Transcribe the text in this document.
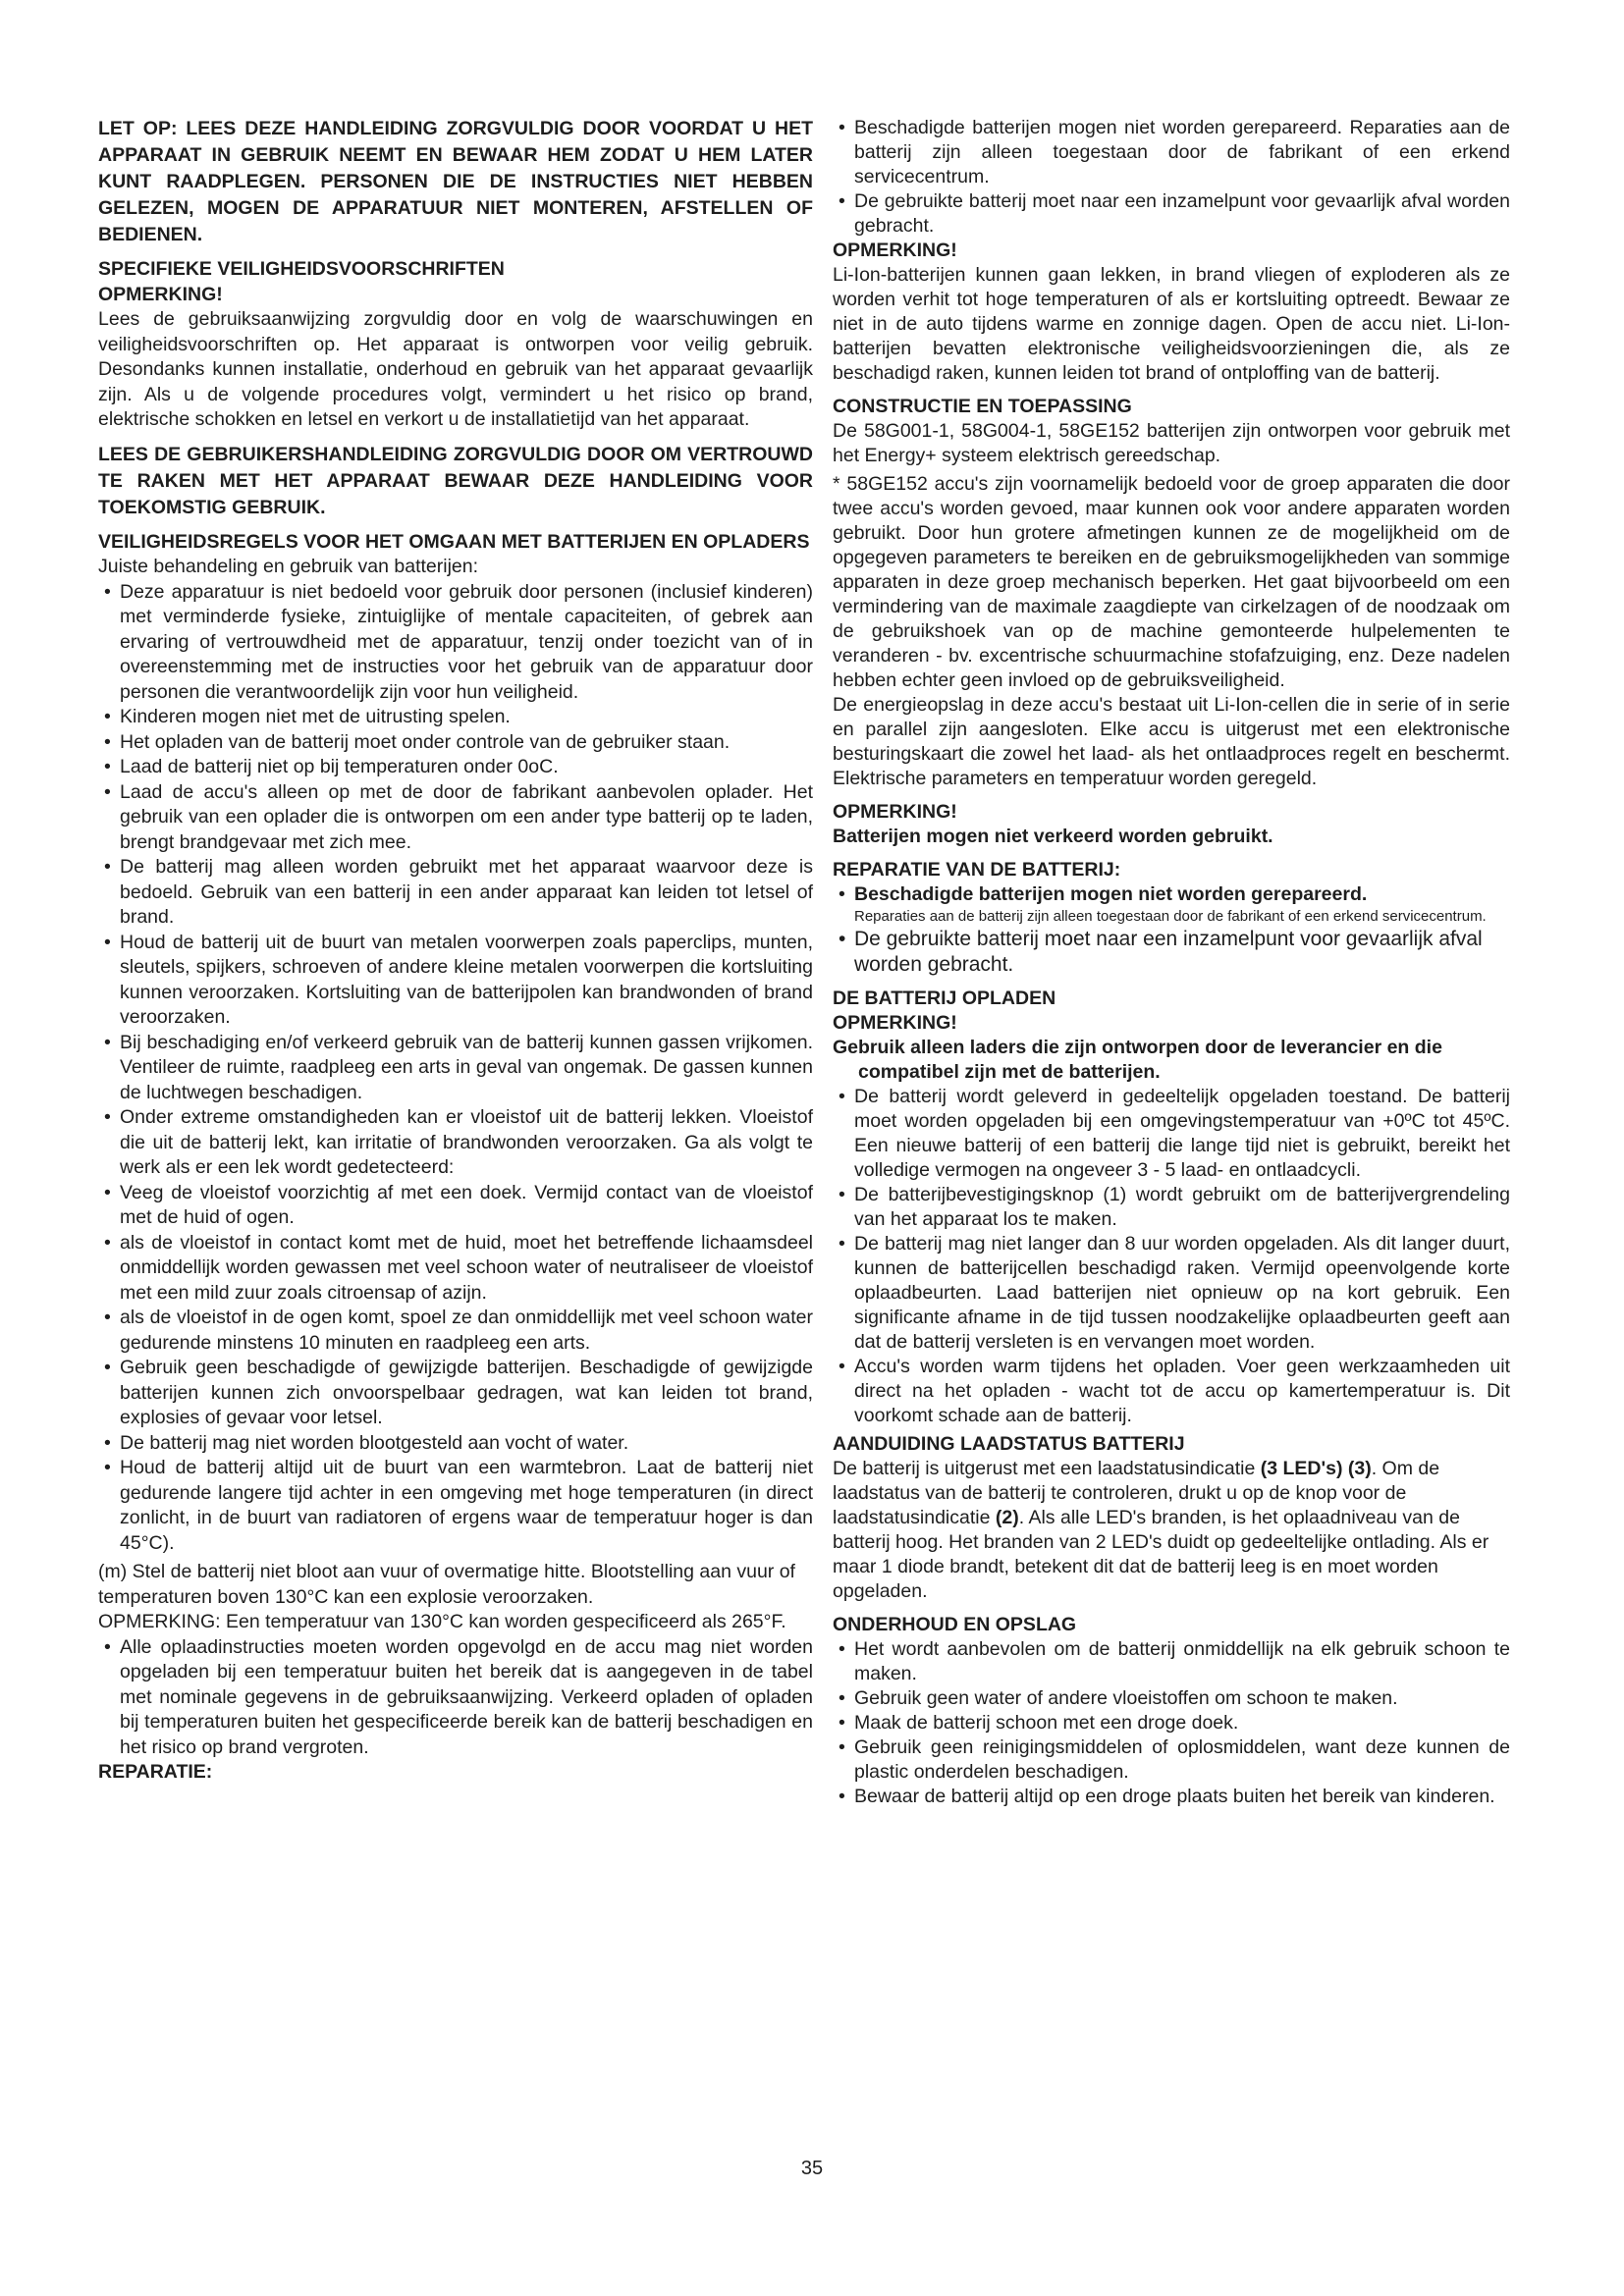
LET OP: LEES DEZE HANDLEIDING ZORGVULDIG DOOR VOORDAT U HET APPARAAT IN GEBRUIK NEEMT EN BEWAAR HEM ZODAT U HEM LATER KUNT RAADPLEGEN. PERSONEN DIE DE INSTRUCTIES NIET HEBBEN GELEZEN, MOGEN DE APPARATUUR NIET MONTEREN, AFSTELLEN OF BEDIENEN.
SPECIFIEKE VEILIGHEIDSVOORSCHRIFTEN

OPMERKING!

Lees de gebruiksaanwijzing zorgvuldig door en volg de waarschuwingen en veiligheidsvoorschriften op. Het apparaat is ontworpen voor veilig gebruik. Desondanks kunnen installatie, onderhoud en gebruik van het apparaat gevaarlijk zijn. Als u de volgende procedures volgt, vermindert u het risico op brand, elektrische schokken en letsel en verkort u de installatietijd van het apparaat.

LEES DE GEBRUIKERSHANDLEIDING ZORGVULDIG DOOR OM VERTROUWD TE RAKEN MET HET APPARAAT BEWAAR DEZE HANDLEIDING VOOR TOEKOMSTIG GEBRUIK.
VEILIGHEIDSREGELS VOOR HET OMGAAN MET BATTERIJEN EN OPLADERS

Juiste behandeling en gebruik van batterijen:

• Deze apparatuur is niet bedoeld voor gebruik door personen (inclusief kinderen) met verminderde fysieke, zintuiglijke of mentale capaciteiten, of gebrek aan ervaring of vertrouwdheid met de apparatuur, tenzij onder toezicht van of in overeenstemming met de instructies voor het gebruik van de apparatuur door personen die verantwoordelijk zijn voor hun veiligheid.
• Kinderen mogen niet met de uitrusting spelen.
• Het opladen van de batterij moet onder controle van de gebruiker staan.
• Laad de batterij niet op bij temperaturen onder 0oC.
• Laad de accu's alleen op met de door de fabrikant aanbevolen oplader. Het gebruik van een oplader die is ontworpen om een ander type batterij op te laden, brengt brandgevaar met zich mee.
• De batterij mag alleen worden gebruikt met het apparaat waarvoor deze is bedoeld. Gebruik van een batterij in een ander apparaat kan leiden tot letsel of brand.
• Houd de batterij uit de buurt van metalen voorwerpen zoals paperclips, munten, sleutels, spijkers, schroeven of andere kleine metalen voorwerpen die kortsluiting kunnen veroorzaken. Kortsluiting van de batterijpolen kan brandwonden of brand veroorzaken.
• Bij beschadiging en/of verkeerd gebruik van de batterij kunnen gassen vrijkomen. Ventileer de ruimte, raadpleeg een arts in geval van ongemak. De gassen kunnen de luchtwegen beschadigen.
• Onder extreme omstandigheden kan er vloeistof uit de batterij lekken. Vloeistof die uit de batterij lekt, kan irritatie of brandwonden veroorzaken. Ga als volgt te werk als er een lek wordt gedetecteerd:
• Veeg de vloeistof voorzichtig af met een doek. Vermijd contact van de vloeistof met de huid of ogen.
• als de vloeistof in contact komt met de huid, moet het betreffende lichaamsdeel onmiddellijk worden gewassen met veel schoon water of neutraliseer de vloeistof met een mild zuur zoals citroensap of azijn.
• als de vloeistof in de ogen komt, spoel ze dan onmiddellijk met veel schoon water gedurende minstens 10 minuten en raadpleeg een arts.
• Gebruik geen beschadigde of gewijzigde batterijen. Beschadigde of gewijzigde batterijen kunnen zich onvoorspelbaar gedragen, wat kan leiden tot brand, explosies of gevaar voor letsel.
• De batterij mag niet worden blootgesteld aan vocht of water.
• Houd de batterij altijd uit de buurt van een warmtebron. Laat de batterij niet gedurende langere tijd achter in een omgeving met hoge temperaturen (in direct zonlicht, in de buurt van radiatoren of ergens waar de temperatuur hoger is dan 45°C).

(m) Stel de batterij niet bloot aan vuur of overmatige hitte. Blootstelling aan vuur of temperaturen boven 130°C kan een explosie veroorzaken.

OPMERKING: Een temperatuur van 130°C kan worden gespecificeerd als 265°F.

• Alle oplaadinstructies moeten worden opgevolgd en de accu mag niet worden opgeladen bij een temperatuur buiten het bereik dat is aangegeven in de tabel met nominale gegevens in de gebruiksaanwijzing. Verkeerd opladen of opladen bij temperaturen buiten het gespecificeerde bereik kan de batterij beschadigen en het risico op brand vergroten.

REPARATIE:

• Beschadigde batterijen mogen niet worden gerepareerd. Reparaties aan de batterij zijn alleen toegestaan door de fabrikant of een erkend servicecentrum.
• De gebruikte batterij moet naar een inzamelpunt voor gevaarlijk afval worden gebracht.

OPMERKING!

Li-Ion-batterijen kunnen gaan lekken, in brand vliegen of exploderen als ze worden verhit tot hoge temperaturen of als er kortsluiting optreedt. Bewaar ze niet in de auto tijdens warme en zonnige dagen. Open de accu niet. Li-Ion-batterijen bevatten elektronische veiligheidsvoorzieningen die, als ze beschadigd raken, kunnen leiden tot brand of ontploffing van de batterij.

CONSTRUCTIE EN TOEPASSING

De 58G001-1, 58G004-1, 58GE152 batterijen zijn ontworpen voor gebruik met het Energy+ systeem elektrisch gereedschap.

* 58GE152 accu's zijn voornamelijk bedoeld voor de groep apparaten die door twee accu's worden gevoed, maar kunnen ook voor andere apparaten worden gebruikt. Door hun grotere afmetingen kunnen ze de mogelijkheid om de opgegeven parameters te bereiken en de gebruiksmogelijkheden van sommige apparaten in deze groep mechanisch beperken. Het gaat bijvoorbeeld om een vermindering van de maximale zaagdiepte van cirkelzagen of de noodzaak om de gebruikshoek van op de machine gemonteerde hulpelementen te veranderen - bv. excentrische schuurmachine stofafzuiging, enz. Deze nadelen hebben echter geen invloed op de gebruiksveiligheid.

De energieopslag in deze accu's bestaat uit Li-Ion-cellen die in serie of in serie en parallel zijn aangesloten. Elke accu is uitgerust met een elektronische besturingskaart die zowel het laad- als het ontlaadproces regelt en beschermt. Elektrische parameters en temperatuur worden geregeld.

OPMERKING!

Batterijen mogen niet verkeerd worden gebruikt.

REPARATIE VAN DE BATTERIJ:
• Beschadigde batterijen mogen niet worden gerepareerd.
Reparaties aan de batterij zijn alleen toegestaan door de fabrikant of een erkend servicecentrum.
• De gebruikte batterij moet naar een inzamelpunt voor gevaarlijk afval worden gebracht.
DE BATTERIJ OPLADEN

OPMERKING!

Gebruik alleen laders die zijn ontworpen door de leverancier en die compatibel zijn met de batterijen.

• De batterij wordt geleverd in gedeeltelijk opgeladen toestand. De batterij moet worden opgeladen bij een omgevingstemperatuur van +0ºC tot 45ºC. Een nieuwe batterij of een batterij die lange tijd niet is gebruikt, bereikt het volledige vermogen na ongeveer 3 - 5 laad- en ontlaadcycli.
• De batterijbevestigingsknop (1) wordt gebruikt om de batterijvergrendeling van het apparaat los te maken.
• De batterij mag niet langer dan 8 uur worden opgeladen. Als dit langer duurt, kunnen de batterijcellen beschadigd raken. Vermijd opeenvolgende korte oplaadbeurten. Laad batterijen niet opnieuw op na kort gebruik. Een significante afname in de tijd tussen noodzakelijke oplaadbeurten geeft aan dat de batterij versleten is en vervangen moet worden.
• Accu's worden warm tijdens het opladen. Voer geen werkzaamheden uit direct na het opladen - wacht tot de accu op kamertemperatuur is. Dit voorkomt schade aan de batterij.
AANDUIDING LAADSTATUS BATTERIJ

De batterij is uitgerust met een laadstatusindicatie (3 LED's) (3). Om de laadstatus van de batterij te controleren, drukt u op de knop voor de laadstatusindicatie (2). Als alle LED's branden, is het oplaadniveau van de batterij hoog. Het branden van 2 LED's duidt op gedeeltelijke ontlading. Als er maar 1 diode brandt, betekent dit dat de batterij leeg is en moet worden opgeladen.

ONDERHOUD EN OPSLAG
• Het wordt aanbevolen om de batterij onmiddellijk na elk gebruik schoon te maken.
• Gebruik geen water of andere vloeistoffen om schoon te maken.
• Maak de batterij schoon met een droge doek.
• Gebruik geen reinigingsmiddelen of oplosmiddelen, want deze kunnen de plastic onderdelen beschadigen.
• Bewaar de batterij altijd op een droge plaats buiten het bereik van kinderen.
35
